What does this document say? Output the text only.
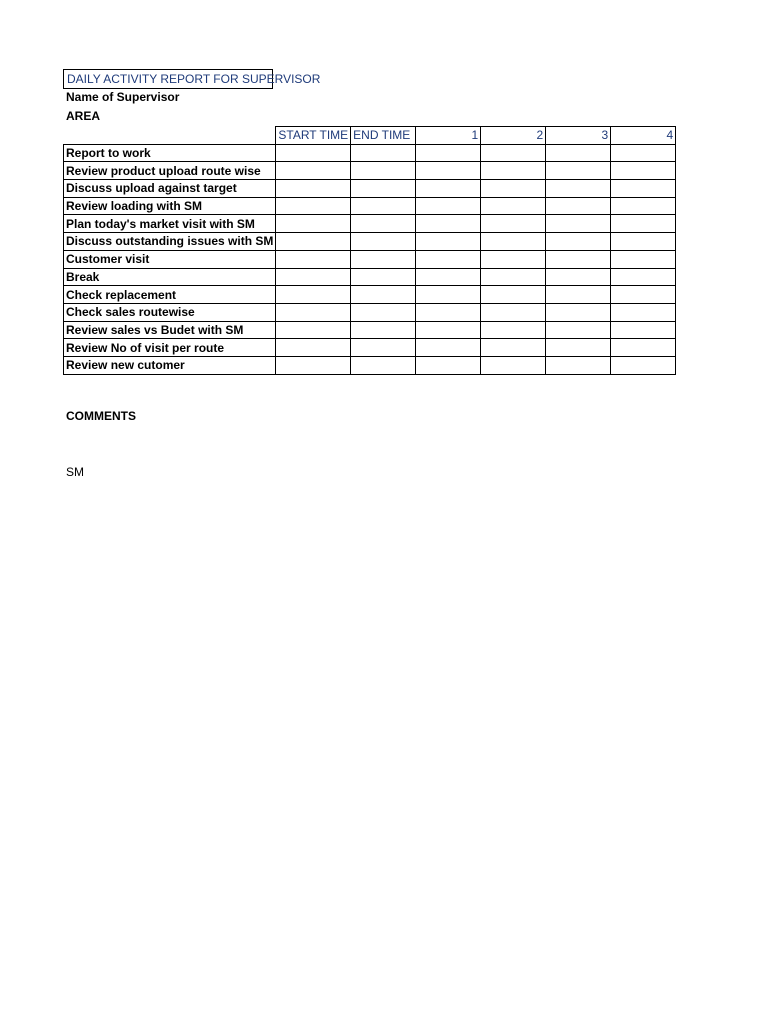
DAILY ACTIVITY REPORT FOR SUPERVISOR
Name of Supervisor
AREA
	START TIME	END TIME	1	2	3	4
Report to work						
Review product upload route wise						
Discuss upload against target						
Review loading with SM						
Plan today's market visit with SM						
Discuss outstanding issues with SM						
Customer visit						
Break						
Check replacement						
Check sales routewise						
Review sales vs Budet with SM						
Review No of visit per route						
Review new cutomer						
COMMENTS
SM
